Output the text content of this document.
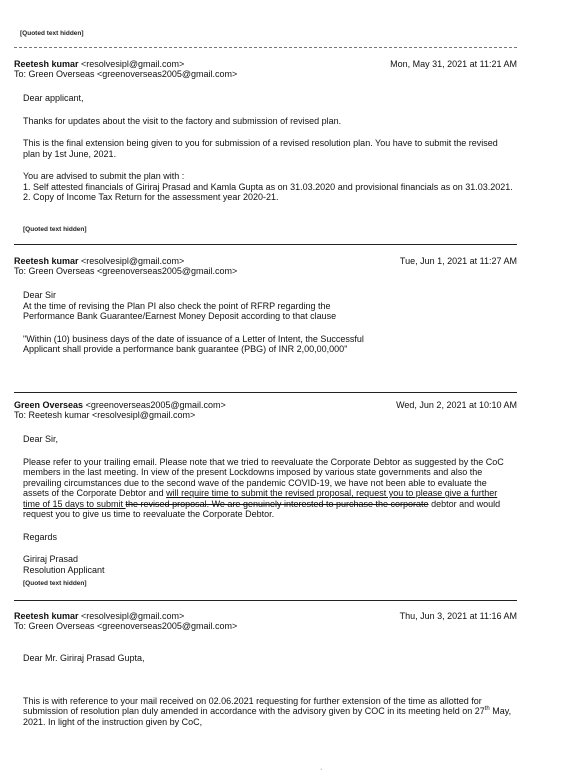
[Quoted text hidden]
Reetesh kumar <resolvesipl@gmail.com>	Mon, May 31, 2021 at 11:21 AM
To: Green Overseas <greenoverseas2005@gmail.com>

Dear applicant,

Thanks for updates about the visit to the factory and submission of revised plan.

This is the final extension being given to you for submission of a revised resolution plan. You have to submit the revised plan by 1st June, 2021.

You are advised to submit the plan with :

1. Self attested financials of Giriraj Prasad and Kamla Gupta as on 31.03.2020 and provisional financials as on 31.03.2021.

2. Copy of Income Tax Return for the assessment year 2020-21.

[Quoted text hidden]
Reetesh kumar <resolvesipl@gmail.com>	Tue, Jun 1, 2021 at 11:27 AM
To: Green Overseas <greenoverseas2005@gmail.com>

Dear Sir

At the time of revising the Plan PI also check the point of RFRP regarding the Performance Bank Guarantee/Earnest Money Deposit according to that clause

"Within (10) business days of the date of issuance of a Letter of Intent, the Successful Applicant shall provide a performance bank guarantee (PBG) of INR 2,00,00,000"

Green Overseas <greenoverseas2005@gmail.com>	Wed, Jun 2, 2021 at 10:10 AM
To: Reetesh kumar <resolvesipl@gmail.com>

Dear Sir,

Please refer to your trailing email. Please note that we tried to reevaluate the Corporate Debtor as suggested by the CoC members in the last meeting. In view of the present Lockdowns imposed by various state governments and also the prevailing circumstances due to the second wave of the pandemic COVID-19, we have not been able to evaluate the assets of the Corporate Debtor and will require time to submit the revised proposal, request you to please give a further time of 15 days to submit the revised proposal. We are genuinely interested to purchase the corporate debtor and would request you to give us time to reevaluate the Corporate Debtor.

Regards

Giriraj Prasad

Resolution Applicant

[Quoted text hidden]
Reetesh kumar <resolvesipl@gmail.com>	Thu, Jun 3, 2021 at 11:16 AM
To: Green Overseas <greenoverseas2005@gmail.com>

Dear Mr. Giriraj Prasad Gupta,

This is with reference to your mail received on 02.06.2021 requesting for further extension of the time as allotted for submission of resolution plan duly amended in accordance with the advisory given by COC in its meeting held on 27th May, 2021. In light of the instruction given by CoC,

·
